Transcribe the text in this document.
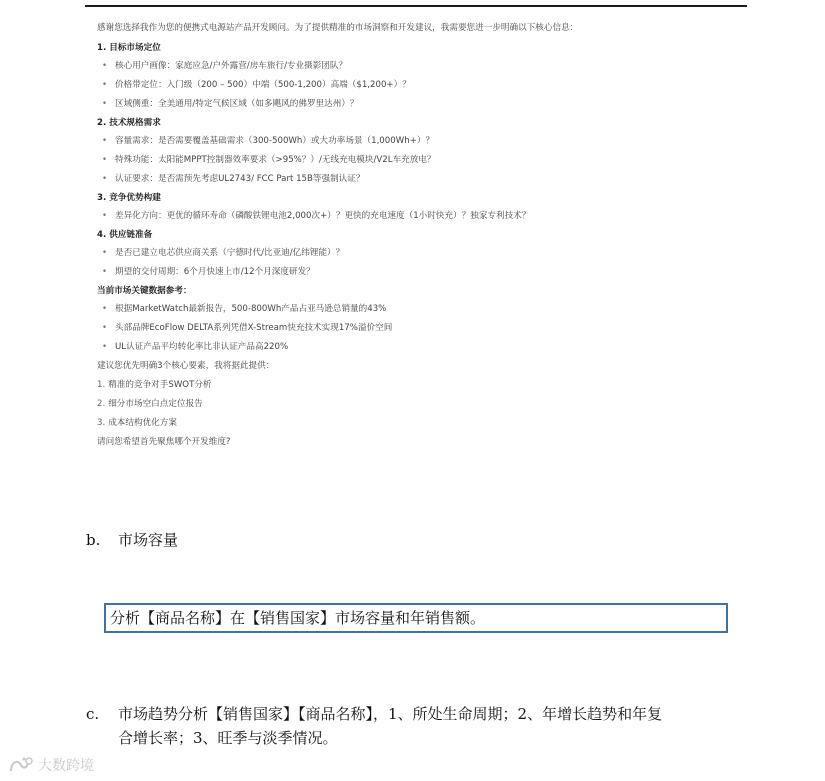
感谢您选择我作为您的便携式电源站产品开发顾问。为了提供精准的市场洞察和开发建议，我需要您进一步明确以下核心信息：

1. 目标市场定位

• 核心用户画像：家庭应急/户外露营/房车旅行/专业摄影团队？
• 价格带定位：入门级（200 – 500）中端（500-1,200）高端（$1,200+）？
• 区域侧重：全美通用/特定气候区域（如多飓风的佛罗里达州）？

2. 技术规格需求

• 容量需求：是否需要覆盖基础需求（300-500Wh）或大功率场景（1,000Wh+）？
• 特殊功能：太阳能MPPT控制器效率要求（>95%？）/无线充电模块/V2L车充放电？
• 认证要求：是否需预先考虑UL2743/ FCC Part 15B等强制认证？

3. 竞争优势构建

• 差异化方向：更优的循环寿命（磷酸铁锂电池2,000次+）？更快的充电速度（1小时快充）？独家专利技术？

4. 供应链准备

• 是否已建立电芯供应商关系（宁德时代/比亚迪/亿纬锂能）？
• 期望的交付周期：6个月快速上市/12个月深度研发？

当前市场关键数据参考：

• 根据MarketWatch最新报告，500-800Wh产品占亚马逊总销量的43%
• 头部品牌EcoFlow DELTA系列凭借X-Stream快充技术实现17%溢价空间
• UL认证产品平均转化率比非认证产品高220%

建议您优先明确3个核心要素，我将据此提供：

1. 精准的竞争对手SWOT分析
2. 细分市场空白点定位报告
3. 成本结构优化方案

请问您希望首先聚焦哪个开发维度?

b. 市场容量
分析【商品名称】在【销售国家】市场容量和年销售额。
c. 市场趋势分析【销售国家】【商品名称】，1、所处生命周期；2、年增长趋势和年复
合增长率；3、旺季与淡季情况。
大数跨境
